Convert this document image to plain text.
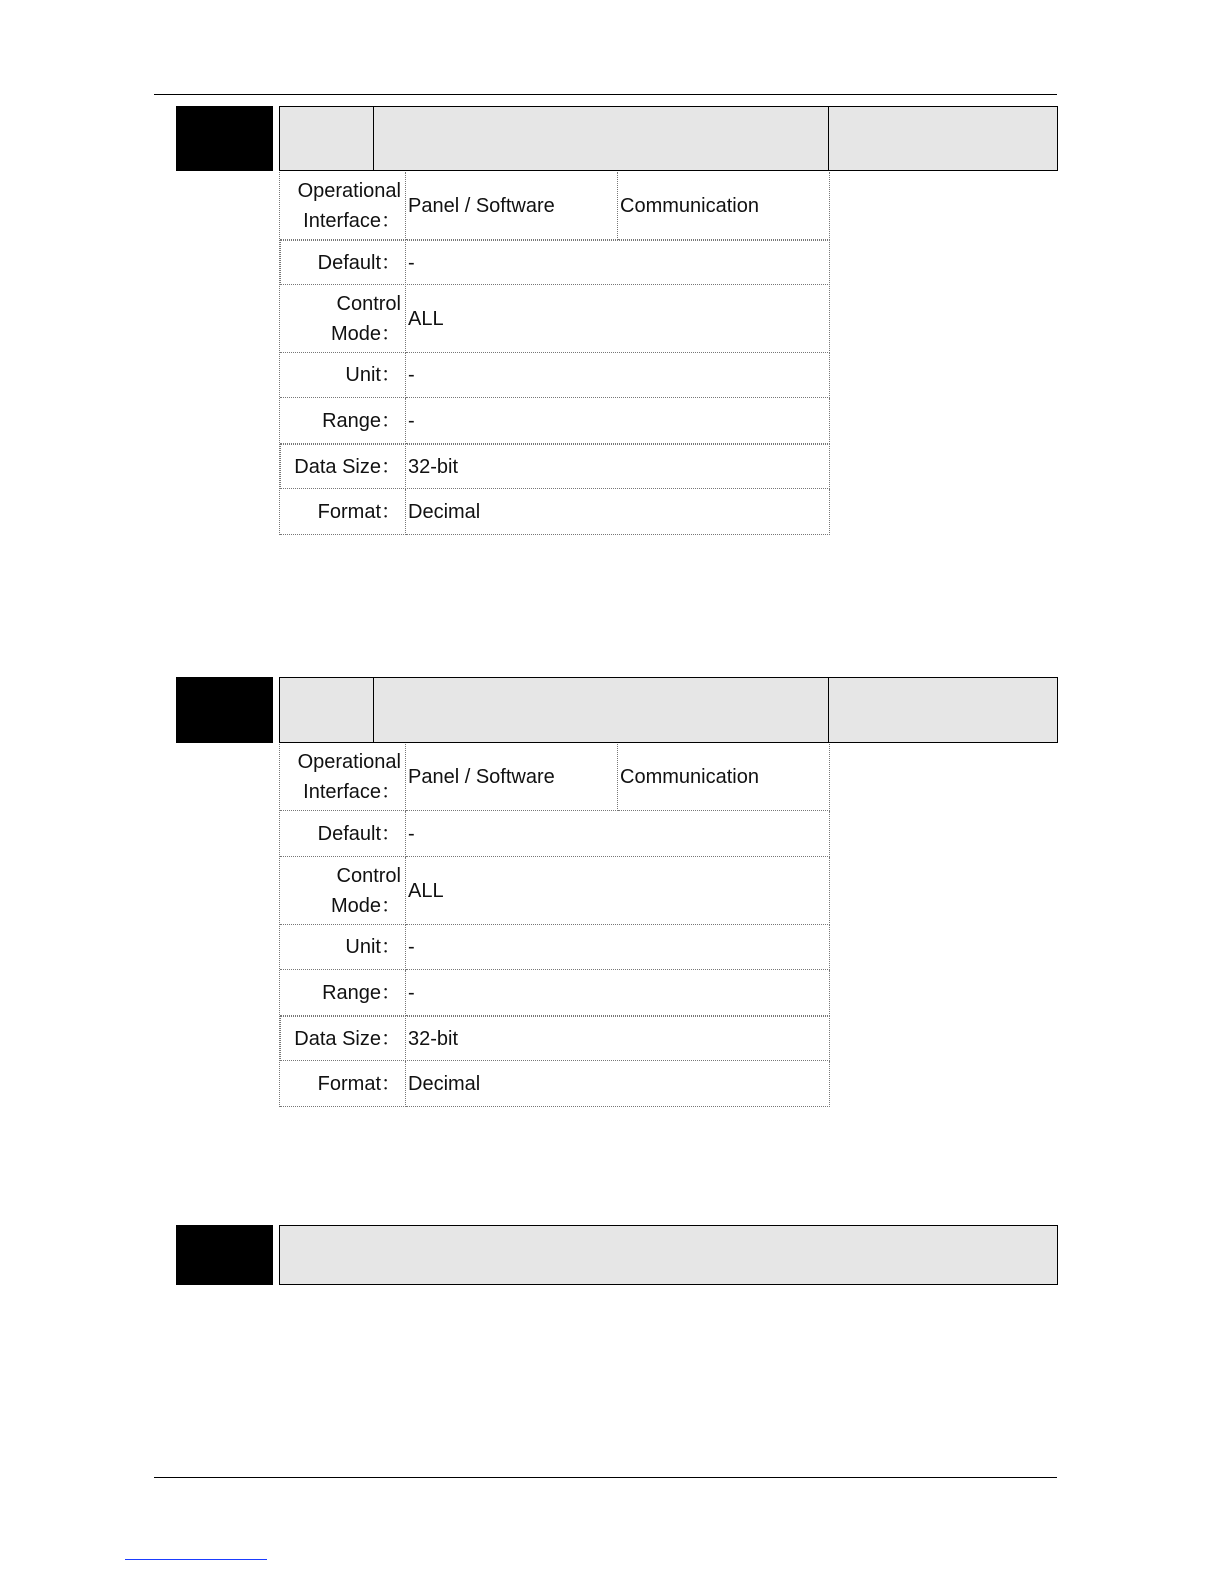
Operational
Interface：
Panel / Software	Communication
Default： -
Control
Mode：
ALL
Unit： -
Range： -
Data Size： 32-bit
Format： Decimal
Operational
Interface：
Panel / Software	Communication
Default： -
Control
Mode：
ALL
Unit： -
Range： -
Data Size： 32-bit
Format： Decimal
